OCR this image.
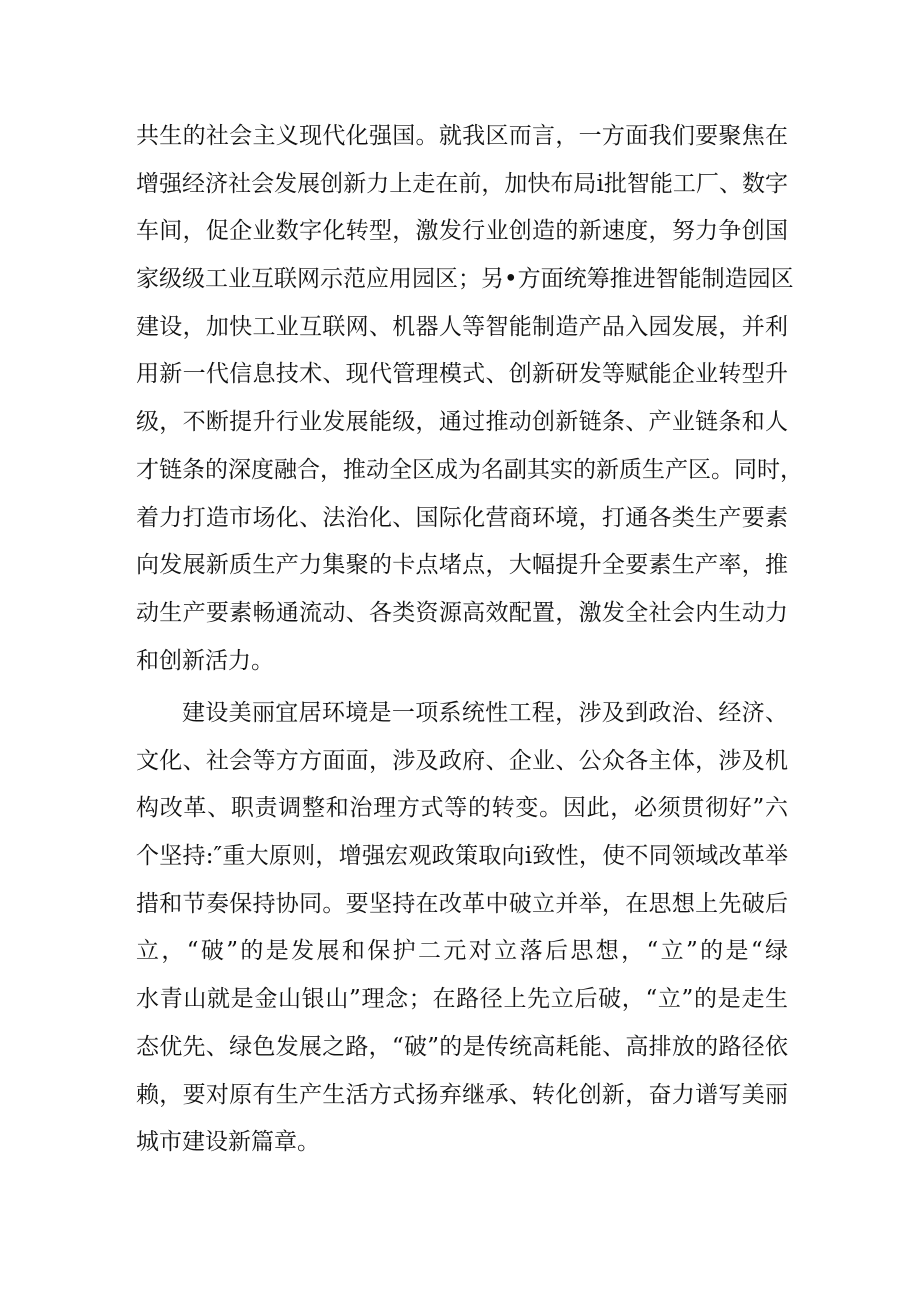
共生的社会主义现代化强国。就我区而言，一方面我们要聚焦在
增强经济社会发展创新力上走在前，加快布局i批智能工厂、数字
车间，促企业数字化转型，激发行业创造的新速度，努力争创国
家级级工业互联网示范应用园区；另•方面统筹推进智能制造园区
建设，加快工业互联网、机器人等智能制造产品入园发展，并利
用新一代信息技术、现代管理模式、创新研发等赋能企业转型升
级，不断提升行业发展能级，通过推动创新链条、产业链条和人
才链条的深度融合，推动全区成为名副其实的新质生产区。同时，
着力打造市场化、法治化、国际化营商环境，打通各类生产要素
向发展新质生产力集聚的卡点堵点，大幅提升全要素生产率，推
动生产要素畅通流动、各类资源高效配置，激发全社会内生动力
和创新活力。
建设美丽宜居环境是一项系统性工程，涉及到政治、经济、
文化、社会等方方面面，涉及政府、企业、公众各主体，涉及机
构改革、职责调整和治理方式等的转变。因此，必须贯彻好”六
个坚持:″重大原则，增强宏观政策取向i致性，使不同领域改革举
措和节奏保持协同。要坚持在改革中破立并举，在思想上先破后
立，“破”的是发展和保护二元对立落后思想，“立”的是“绿
水青山就是金山银山”理念；在路径上先立后破，“立”的是走生
态优先、绿色发展之路，“破”的是传统高耗能、高排放的路径依
赖，要对原有生产生活方式扬弃继承、转化创新，奋力谱写美丽
城市建设新篇章。
